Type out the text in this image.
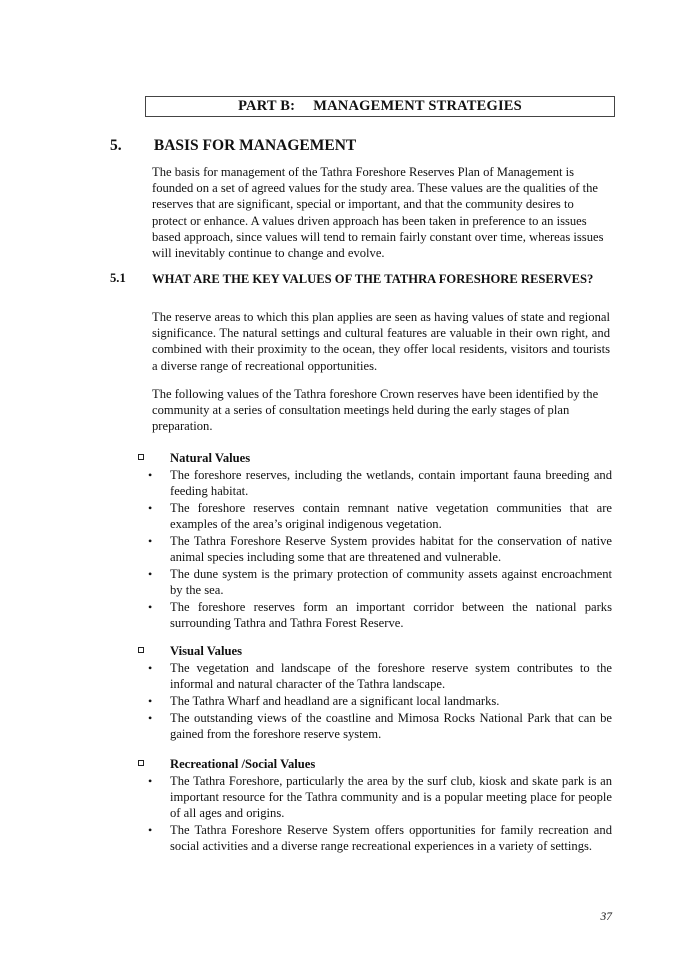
PART B: MANAGEMENT STRATEGIES
5. BASIS FOR MANAGEMENT

The basis for management of the Tathra Foreshore Reserves Plan of Management is founded on a set of agreed values for the study area. These values are the qualities of the reserves that are significant, special or important, and that the community desires to protect or enhance. A values driven approach has been taken in preference to an issues based approach, since values will tend to remain fairly constant over time, whereas issues will inevitably continue to change and evolve.

5.1 WHAT ARE THE KEY VALUES OF THE TATHRA FORESHORE RESERVES?

The reserve areas to which this plan applies are seen as having values of state and regional significance. The natural settings and cultural features are valuable in their own right, and combined with their proximity to the ocean, they offer local residents, visitors and tourists a diverse range of recreational opportunities.

The following values of the Tathra foreshore Crown reserves have been identified by the community at a series of consultation meetings held during the early stages of plan preparation.

Natural Values
• The foreshore reserves, including the wetlands, contain important fauna breeding and feeding habitat.
• The foreshore reserves contain remnant native vegetation communities that are examples of the area’s original indigenous vegetation.
• The Tathra Foreshore Reserve System provides habitat for the conservation of native animal species including some that are threatened and vulnerable.
• The dune system is the primary protection of community assets against encroachment by the sea.
• The foreshore reserves form an important corridor between the national parks surrounding Tathra and Tathra Forest Reserve.
Visual Values
• The vegetation and landscape of the foreshore reserve system contributes to the informal and natural character of the Tathra landscape.
• The Tathra Wharf and headland are a significant local landmarks.
• The outstanding views of the coastline and Mimosa Rocks National Park that can be gained from the foreshore reserve system.
Recreational /Social Values
• The Tathra Foreshore, particularly the area by the surf club, kiosk and skate park is an important resource for the Tathra community and is a popular meeting place for people of all ages and origins.
• The Tathra Foreshore Reserve System offers opportunities for family recreation and social activities and a diverse range recreational experiences in a variety of settings.
37
